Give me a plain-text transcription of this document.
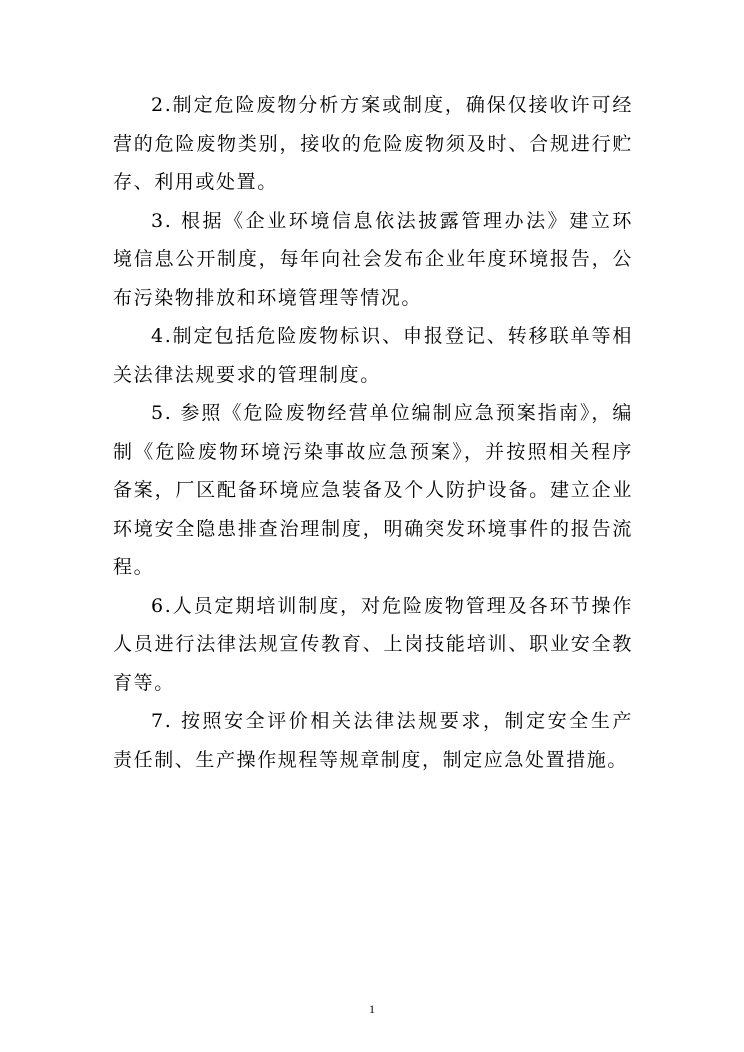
2.制定危险废物分析方案或制度，确保仅接收许可经营的危险废物类别，接收的危险废物须及时、合规进行贮存、利用或处置。

3. 根据《企业环境信息依法披露管理办法》建立环境信息公开制度，每年向社会发布企业年度环境报告，公布污染物排放和环境管理等情况。

4.制定包括危险废物标识、申报登记、转移联单等相关法律法规要求的管理制度。

5. 参照《危险废物经营单位编制应急预案指南》，编制《危险废物环境污染事故应急预案》，并按照相关程序备案，厂区配备环境应急装备及个人防护设备。建立企业环境安全隐患排查治理制度，明确突发环境事件的报告流程。

6.人员定期培训制度，对危险废物管理及各环节操作人员进行法律法规宣传教育、上岗技能培训、职业安全教育等。

7. 按照安全评价相关法律法规要求，制定安全生产责任制、生产操作规程等规章制度，制定应急处置措施。

1
